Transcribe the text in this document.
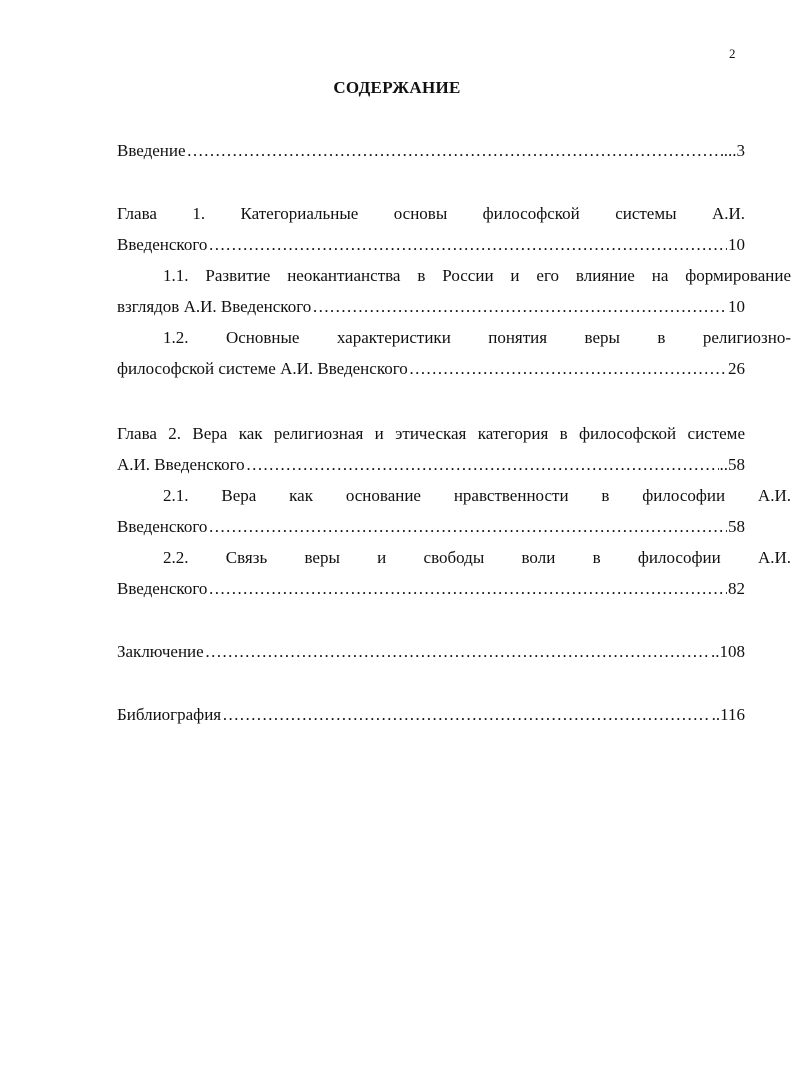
2
СОДЕРЖАНИЕ
Введение …………………………………………………………………………………………………………………………………………………………………………………………………………………………………………………………………………	...3
Глава 1. Категориальные основы философской системы А.И.
Введенского …………………………………………………………………………………………………………………………………………………………………………………………………………………………………………………………………………	10
1.1. Развитие неокантианства в России и его влияние на формирование
взглядов А.И. Введенского …………………………………………………………………………………………………………………………………………………………………………………………………………………………………………………………………………	10
1.2. Основные характеристики понятия веры в религиозно-
философской системе А.И. Введенского …………………………………………………………………………………………………………………………………………………………………………………………………………………………………………………………………………	26
Глава 2. Вера как религиозная и этическая категория в философской системе
А.И. Введенского …………………………………………………………………………………………………………………………………………………………………………………………………………………………………………………………………………	..58
2.1. Вера как основание нравственности в философии А.И.
Введенского …………………………………………………………………………………………………………………………………………………………………………………………………………………………………………………………………………	58
2.2. Связь веры и свободы воли в философии А.И.
Введенского …………………………………………………………………………………………………………………………………………………………………………………………………………………………………………………………………………	82
Заключение …………………………………………………………………………………………………………………………………………………………………………………………………………………………………………………………………………	..108
Библиография …………………………………………………………………………………………………………………………………………………………………………………………………………………………………………………………………………	..116
